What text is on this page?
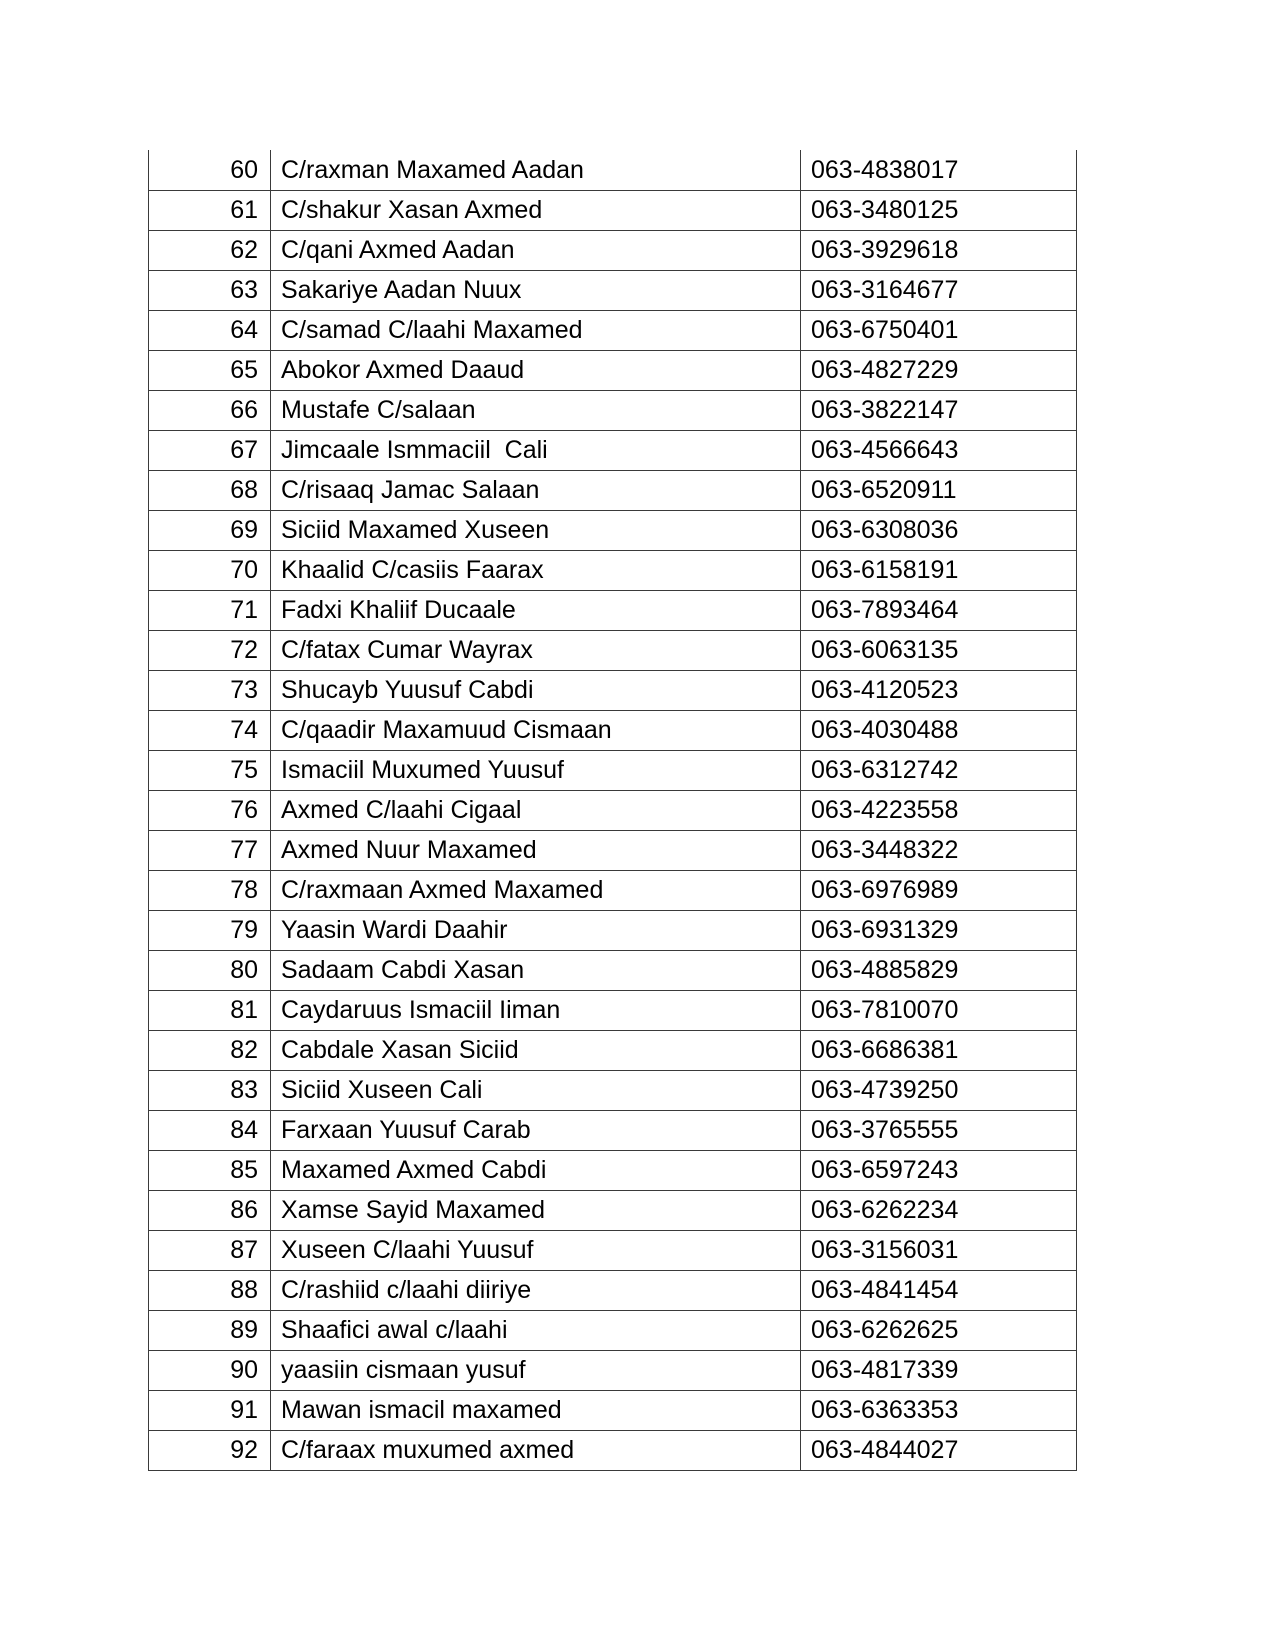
60	C/raxman Maxamed Aadan	063-4838017
61	C/shakur Xasan Axmed	063-3480125
62	C/qani Axmed Aadan	063-3929618
63	Sakariye Aadan Nuux	063-3164677
64	C/samad C/laahi Maxamed	063-6750401
65	Abokor Axmed Daaud	063-4827229
66	Mustafe C/salaan	063-3822147
67	Jimcaale Ismmaciil  Cali	063-4566643
68	C/risaaq Jamac Salaan	063-6520911
69	Siciid Maxamed Xuseen	063-6308036
70	Khaalid C/casiis Faarax	063-6158191
71	Fadxi Khaliif Ducaale	063-7893464
72	C/fatax Cumar Wayrax	063-6063135
73	Shucayb Yuusuf Cabdi	063-4120523
74	C/qaadir Maxamuud Cismaan	063-4030488
75	Ismaciil Muxumed Yuusuf	063-6312742
76	Axmed C/laahi Cigaal	063-4223558
77	Axmed Nuur Maxamed	063-3448322
78	C/raxmaan Axmed Maxamed	063-6976989
79	Yaasin Wardi Daahir	063-6931329
80	Sadaam Cabdi Xasan	063-4885829
81	Caydaruus Ismaciil Iiman	063-7810070
82	Cabdale Xasan Siciid	063-6686381
83	Siciid Xuseen Cali	063-4739250
84	Farxaan Yuusuf Carab	063-3765555
85	Maxamed Axmed Cabdi	063-6597243
86	Xamse Sayid Maxamed	063-6262234
87	Xuseen C/laahi Yuusuf	063-3156031
88	C/rashiid c/laahi diiriye	063-4841454
89	Shaafici awal c/laahi	063-6262625
90	yaasiin cismaan yusuf	063-4817339
91	Mawan ismacil maxamed	063-6363353
92	C/faraax muxumed axmed	063-4844027
